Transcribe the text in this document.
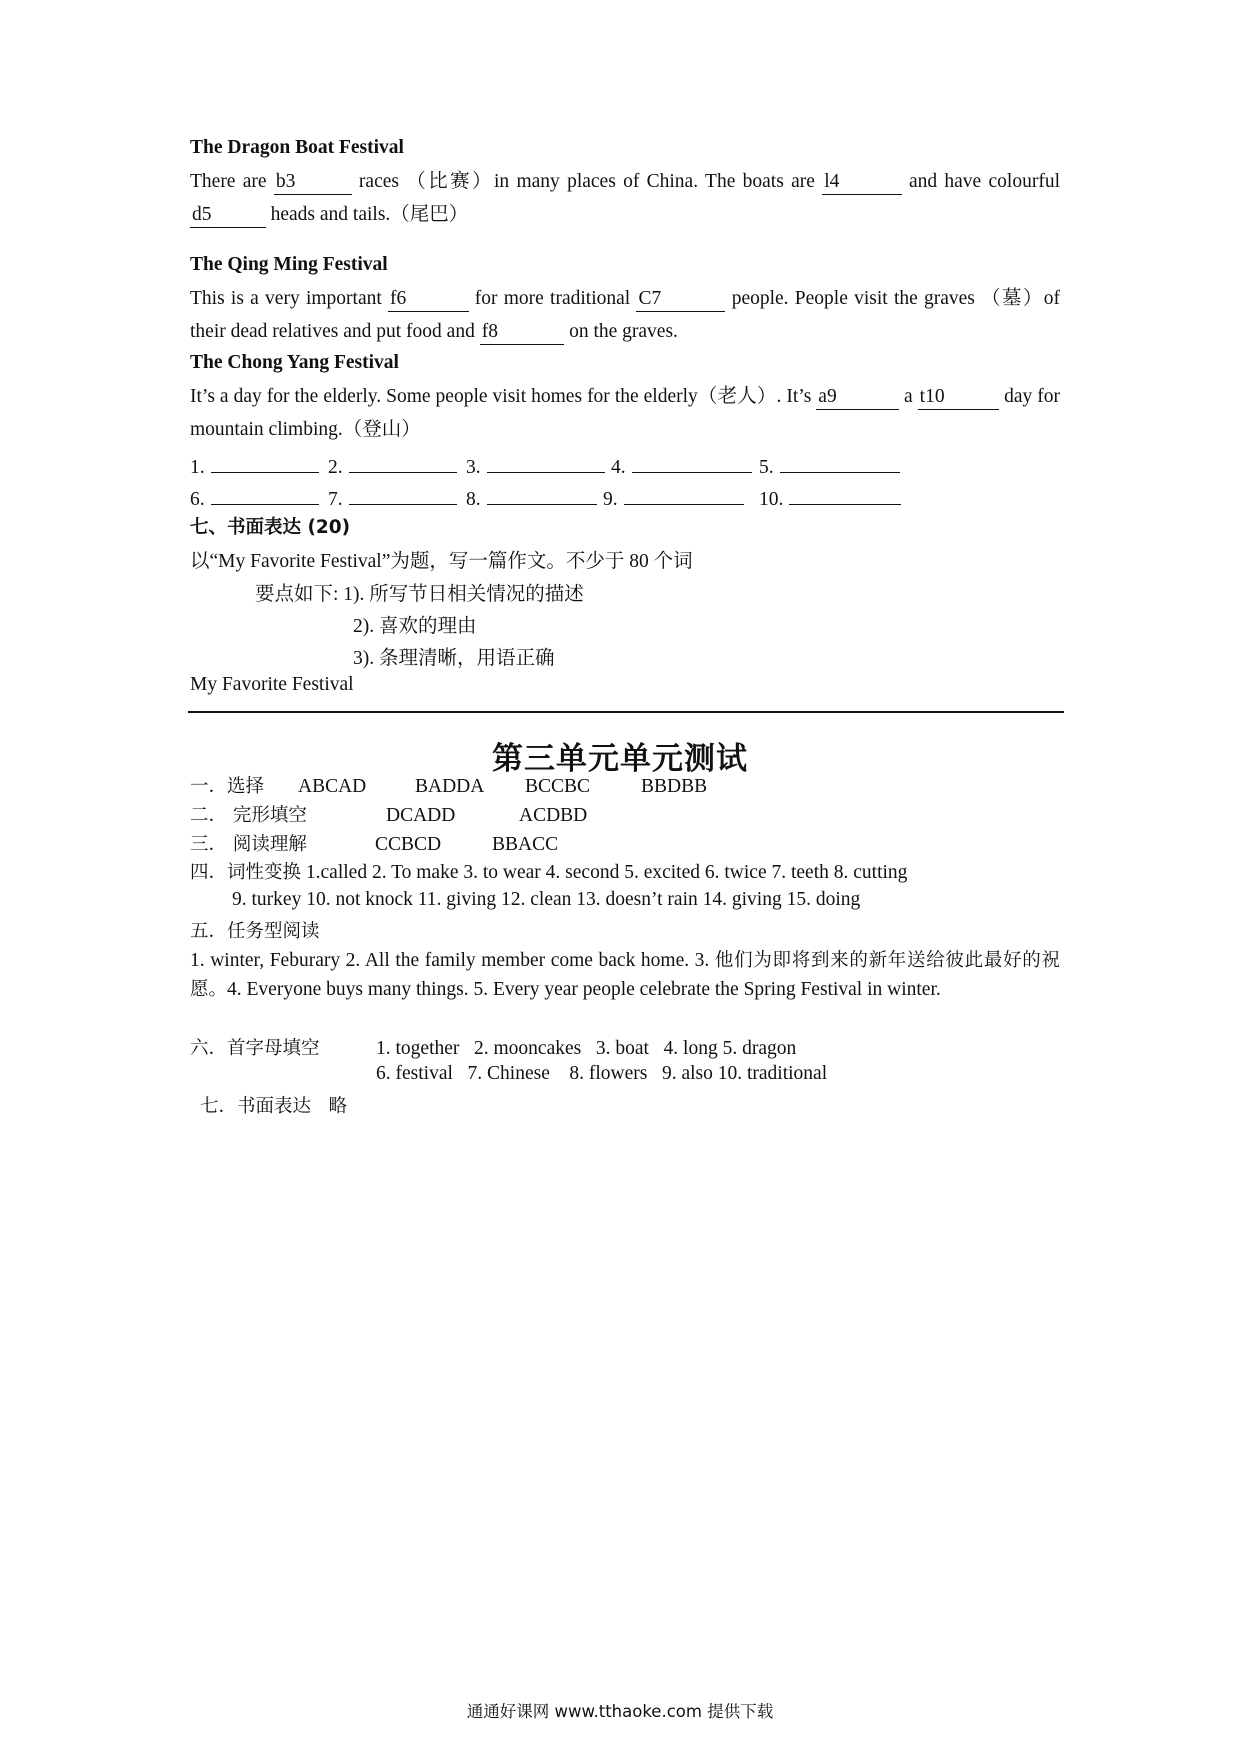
The Dragon Boat Festival
There are b3	races （比赛）in many places of China. The boats are l4	and have colourful d5	heads and tails.（尾巴）
The Qing Ming Festival
This is a very important f6	for more traditional C7	people. People visit the graves （墓）of their dead relatives and put food and f8	on the graves.
The Chong Yang Festival
It’s a day for the elderly. Some people visit homes for the elderly（老人）. It’s a9	a t10	day for mountain climbing.（登山）
1.	2.	3.	4.	5.
6.	7.	8.	9.	10.
七、书面表达 (20)
以“My Favorite Festival”为题，写一篇作文。不少于 80 个词
要点如下: 1). 所写节日相关情况的描述
2). 喜欢的理由
3). 条理清晰，用语正确
My Favorite Festival
第三单元单元测试
一．选择 ABCAD BADDA BCCBC	BBDBB
二． 完形填空	DCADD	ACDBD
三． 阅读理解	CCBCD	BBACC
四．词性变换 1.called 2. To make 3. to wear 4. second 5. excited 6. twice 7. teeth 8. cutting
9. turkey 10. not knock 11. giving 12. clean 13. doesn’t rain 14. giving 15. doing
五．任务型阅读
1. winter, Feburary 2. All the family member come back home. 3. 他们为即将到来的新年送给彼此最好的祝愿。4. Everyone buys many things. 5. Every year people celebrate the Spring Festival in winter.
六．首字母填空	1. together   2. mooncakes   3. boat   4. long 5. dragon
6. festival   7. Chinese    8. flowers   9. also 10. traditional
七．书面表达 略
通通好课网 www.tthaoke.com 提供下载
